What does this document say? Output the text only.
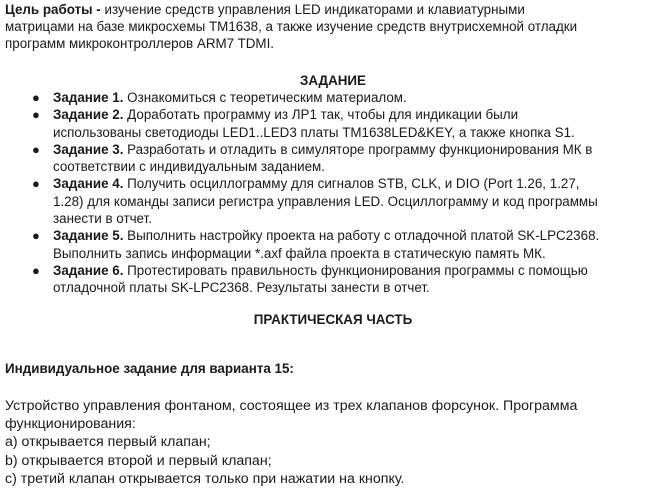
Цель работы - изучение средств управления LED индикаторами и клавиатурными
матрицами на базе микросхемы TM1638, а также изучение средств внутрисхемной отладки
программ микроконтроллеров ARM7 TDMI.
ЗАДАНИЕ
● Задание 1. Ознакомиться с теоретическим материалом.
● Задание 2. Доработать программу из ЛР1 так, чтобы для индикации были
использованы светодиоды LED1..LED3 платы TM1638LED&KEY, а также кнопка S1.
● Задание 3. Разработать и отладить в симуляторе программу функционирования МК в
соответствии с индивидуальным заданием.
● Задание 4. Получить осциллограмму для сигналов STB, CLK, и DIO (Port 1.26, 1.27,
1.28) для команды записи регистра управления LED. Осциллограмму и код программы
занести в отчет.
● Задание 5. Выполнить настройку проекта на работу с отладочной платой SK-LPC2368.
Выполнить запись информации *.axf файла проекта в статическую память МК.
● Задание 6. Протестировать правильность функционирования программы с помощью
отладочной платы SK-LPC2368. Результаты занести в отчет.
ПРАКТИЧЕСКАЯ ЧАСТЬ
Индивидуальное задание для варианта 15:
Устройство управления фонтаном, состоящее из трех клапанов форсунок. Программа
функционирования:
а) открывается первый клапан;
b) открывается второй и первый клапан;
с) третий клапан открывается только при нажатии на кнопку.
